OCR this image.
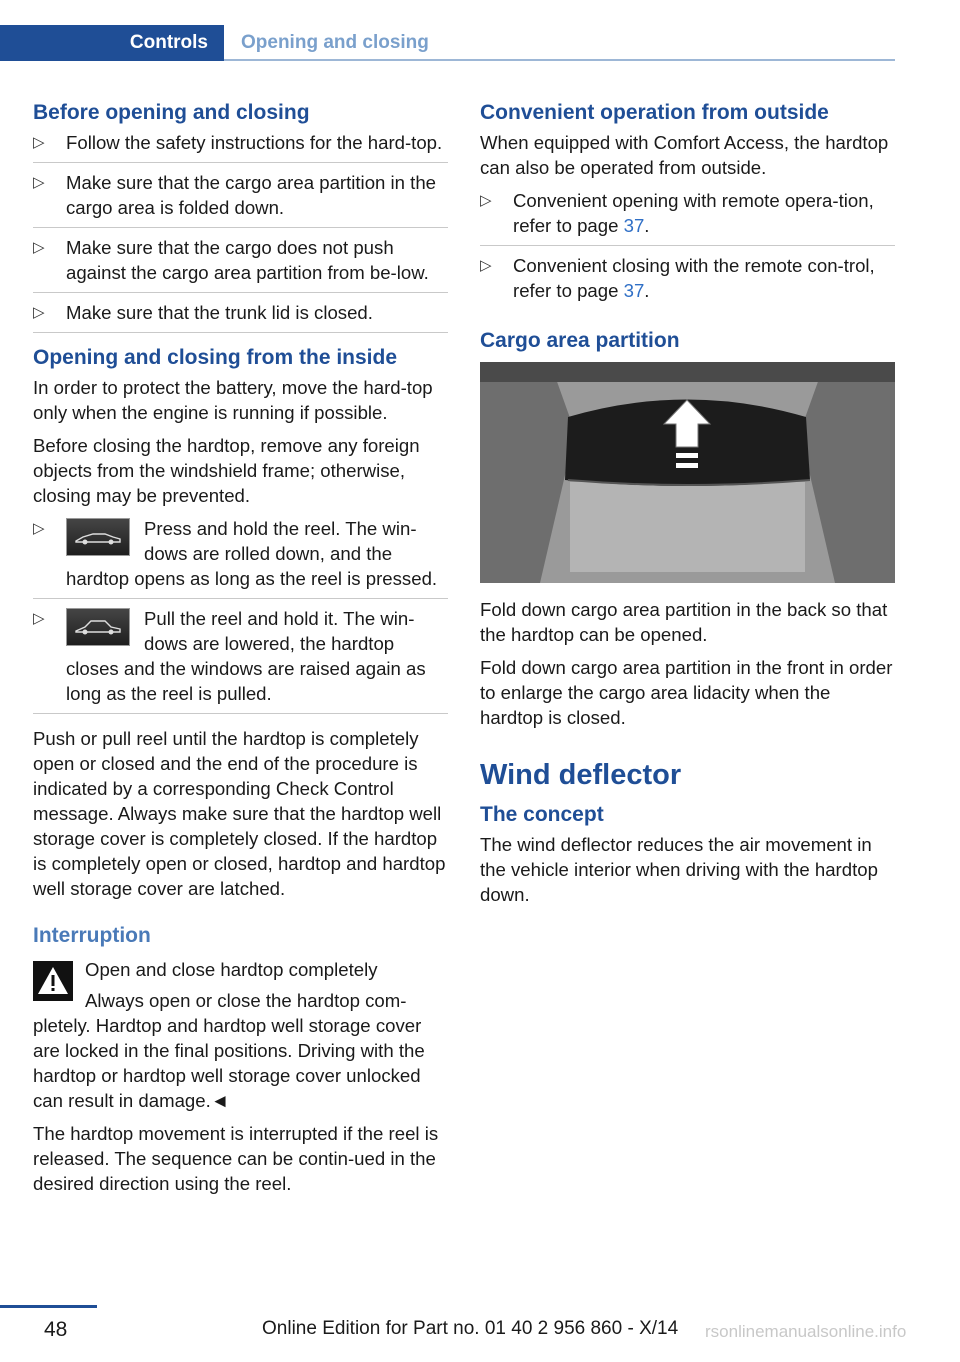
Controls	Opening and closing
Before opening and closing
▷ Follow the safety instructions for the hard‐top.
▷ Make sure that the cargo area partition in the cargo area is folded down.
▷ Make sure that the cargo does not push against the cargo area partition from be‐low.
▷ Make sure that the trunk lid is closed.
Opening and closing from the inside

In order to protect the battery, move the hard‐top only when the engine is running if possible.

Before closing the hardtop, remove any foreign objects from the windshield frame; otherwise, closing may be prevented.

▷ Press and hold the reel. The win‐dows are rolled down, and the hardtop opens as long as the reel is pressed.
▷ Pull the reel and hold it. The win‐dows are lowered, the hardtop closes and the windows are raised again as long as the reel is pulled.

Push or pull reel until the hardtop is completely open or closed and the end of the procedure is indicated by a corresponding Check Control message. Always make sure that the hardtop well storage cover is completely closed. If the hardtop is completely open or closed, hardtop and hardtop well storage cover are latched.

Interruption

Open and close hardtop completely

Always open or close the hardtop com‐pletely. Hardtop and hardtop well storage cover are locked in the final positions. Driving with the hardtop or hardtop well storage cover unlocked can result in damage.◄

The hardtop movement is interrupted if the reel is released. The sequence can be contin‐ued in the desired direction using the reel.

Convenient operation from outside

When equipped with Comfort Access, the hardtop can also be operated from outside.

▷ Convenient opening with remote opera‐tion, refer to page 37.
▷ Convenient closing with the remote con‐trol, refer to page 37.
Cargo area partition

Fold down cargo area partition in the back so that the hardtop can be opened.

Fold down cargo area partition in the front in order to enlarge the cargo area lidacity when the hardtop is closed.

Wind deflector
The concept

The wind deflector reduces the air movement in the vehicle interior when driving with the hardtop down.

48	Online Edition for Part no. 01 40 2 956 860 - X/14 rsonlinemanualsonline.info
